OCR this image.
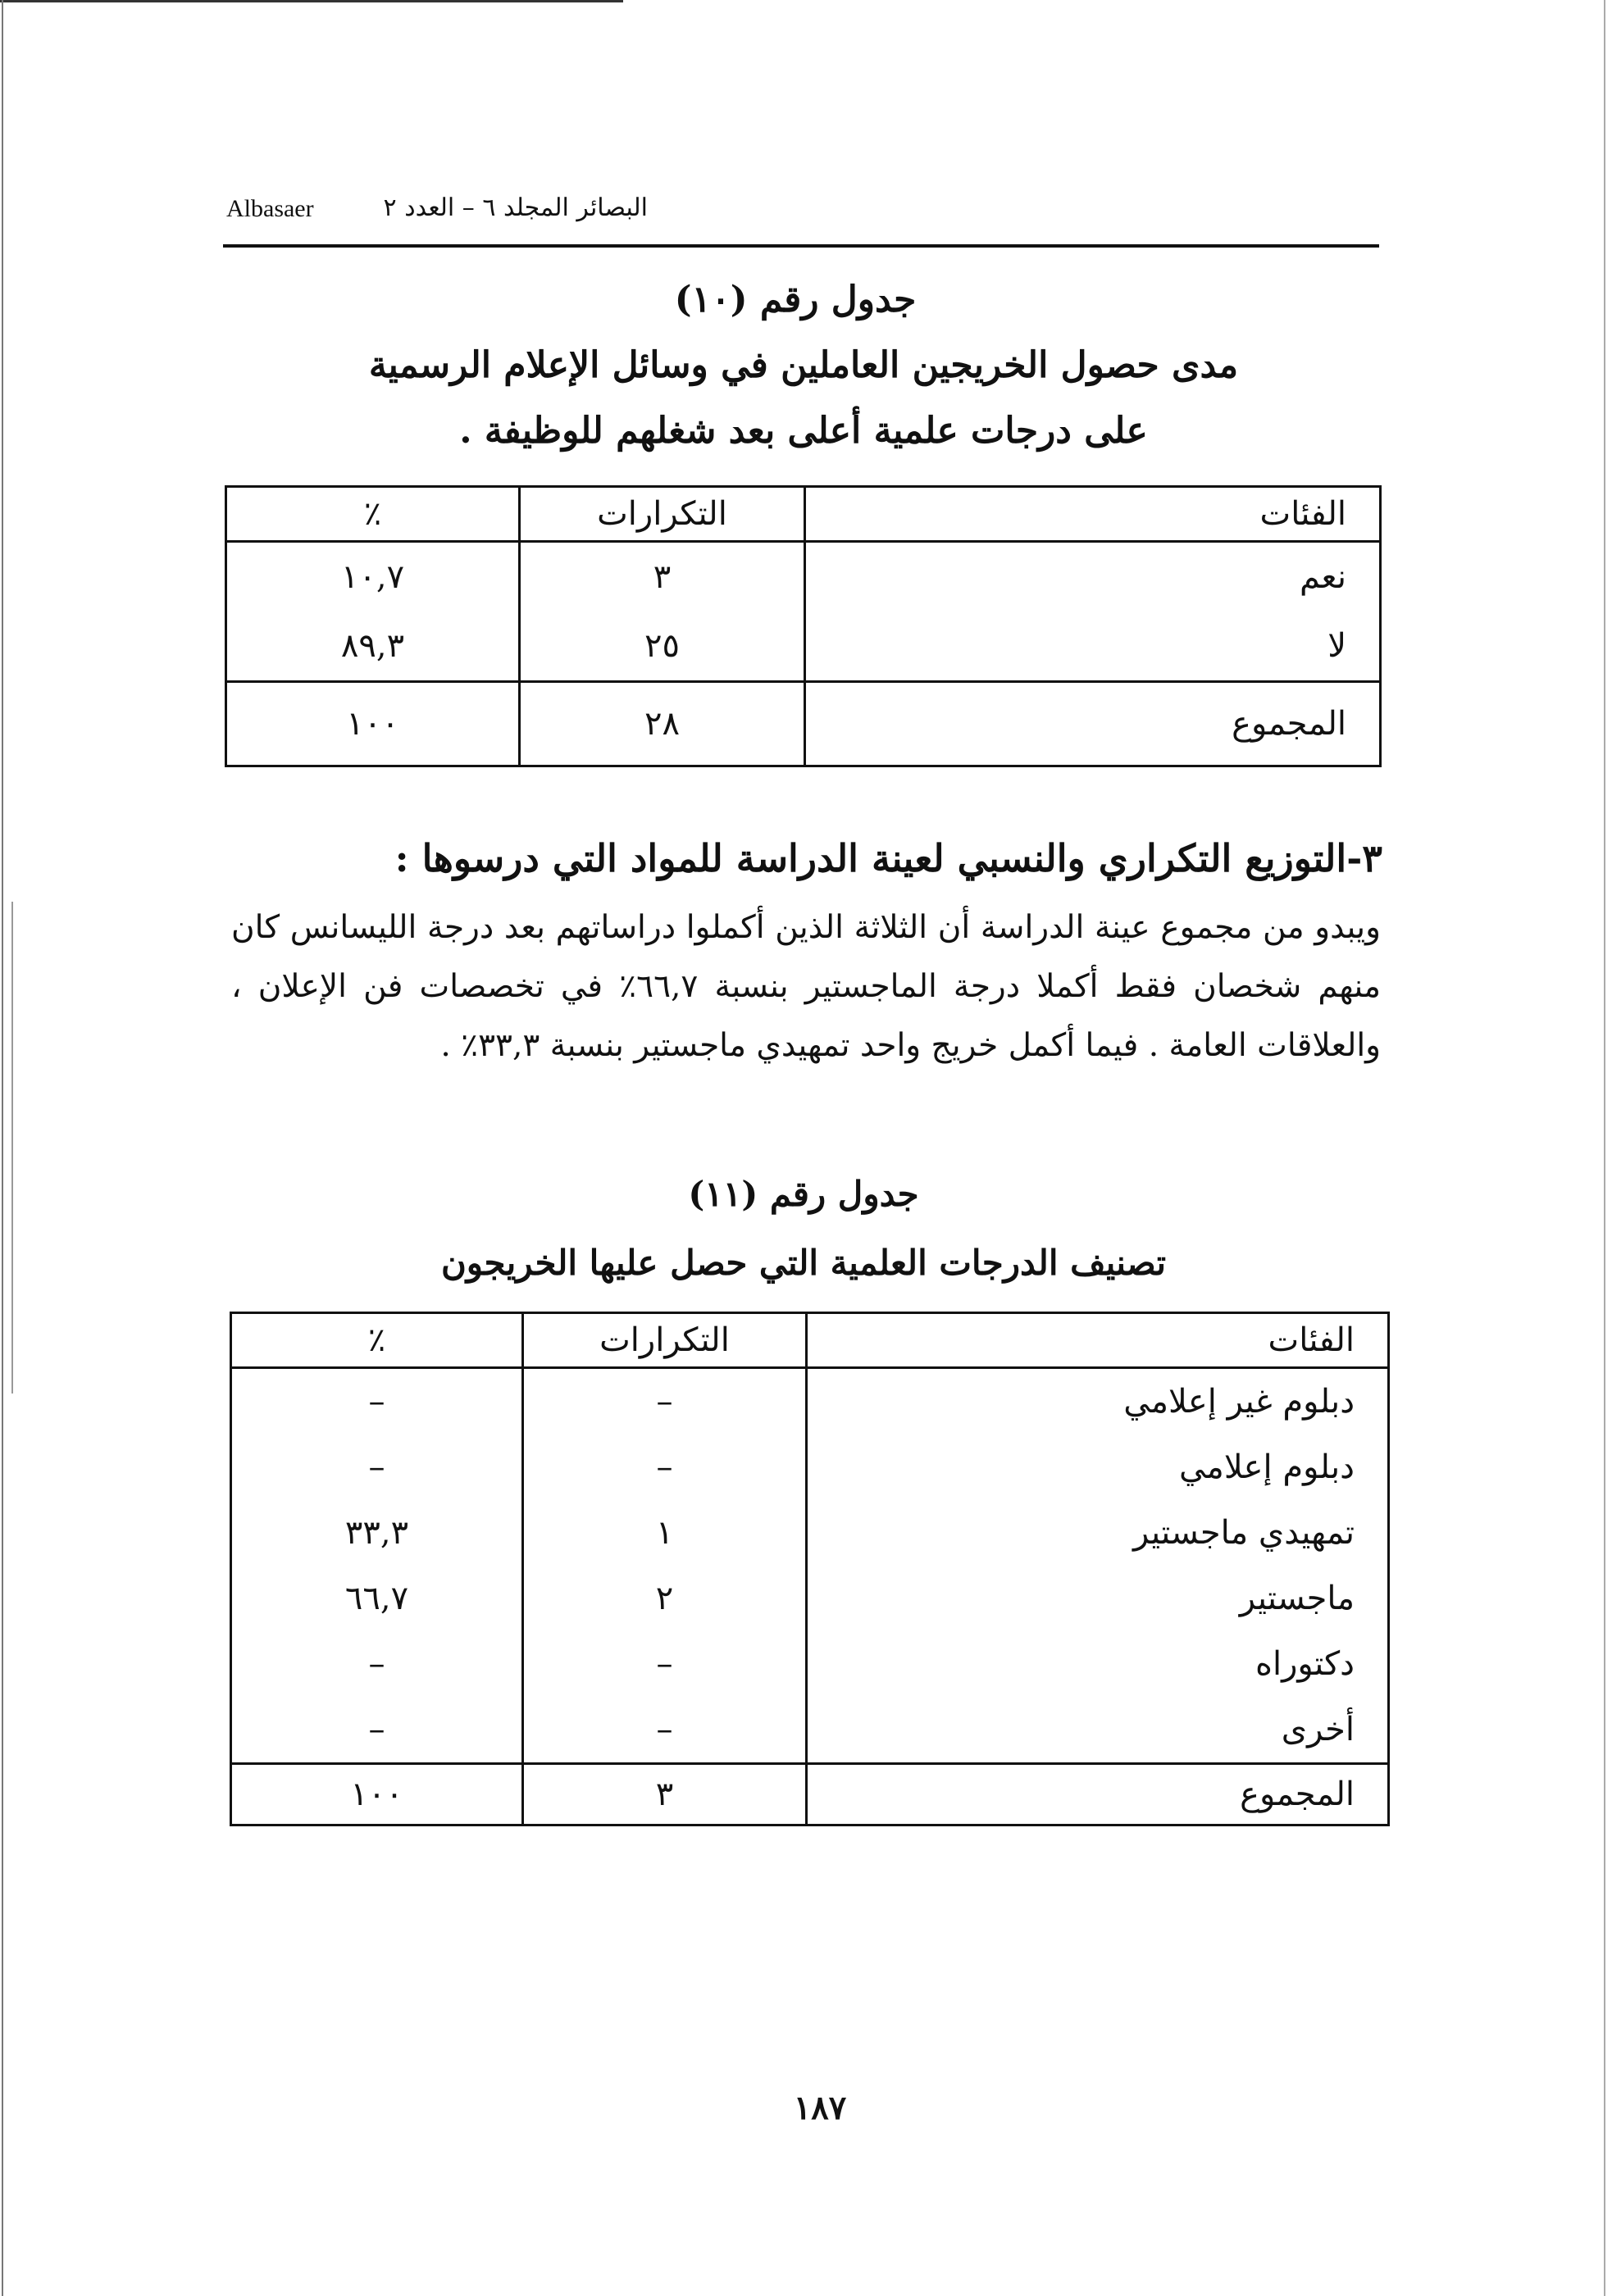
البصائر المجلد ٦ – العدد ٢
Albasaer
جدول رقم (١٠)
مدى حصول الخريجين العاملين في وسائل الإعلام الرسمية
على درجات علمية أعلى بعد شغلهم للوظيفة .
الفئات	التكرارات	٪
نعم	٣	١٠,٧
لا	٢٥	٨٩,٣
المجموع	٢٨	١٠٠
٣-التوزيع التكراري والنسبي لعينة الدراسة للمواد التي درسوها :
ويبدو من مجموع عينة الدراسة أن الثلاثة الذين أكملوا دراساتهم بعد درجة الليسانس كان منهم شخصان فقط أكملا درجة الماجستير بنسبة ٦٦,٧٪ في تخصصات فن الإعلان ، والعلاقات العامة . فيما أكمل خريج واحد تمهيدي ماجستير بنسبة ٣٣,٣٪ .
جدول رقم (١١)
تصنيف الدرجات العلمية التي حصل عليها الخريجون
الفئات	التكرارات	٪
دبلوم غير إعلامي	–	–
دبلوم إعلامي	–	–
تمهيدي ماجستير	١	٣٣,٣
ماجستير	٢	٦٦,٧
دكتوراه	–	–
أخرى	–	–
المجموع	٣	١٠٠
١٨٧
